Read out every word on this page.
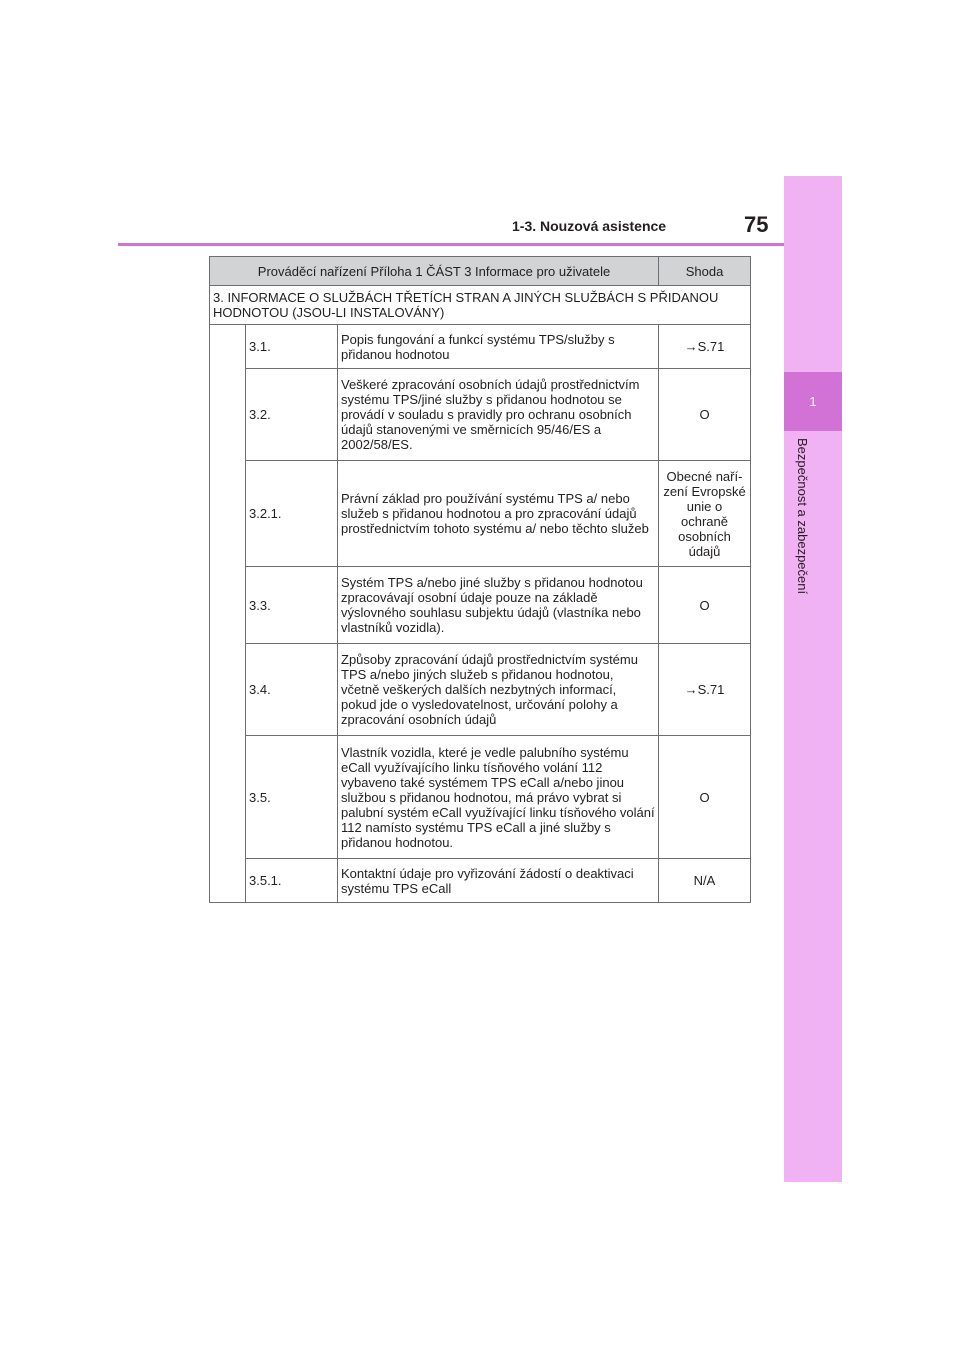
1
Bezpečnost a zabezpečení
1-3. Nouzová asistence	75
Prováděcí nařízení Příloha 1 ČÁST 3 Informace pro uživatele			Shoda
3. INFORMACE O SLUŽBÁCH TŘETÍCH STRAN A JINÝCH SLUŽBÁCH S PŘIDANOU HODNOTOU (JSOU-LI INSTALOVÁNY)			
	3.1.	Popis fungování a funkcí systému TPS/služby s přidanou hodnotou	→S.71
	3.2.	Veškeré zpracování osobních údajů prostřednictvím systému TPS/jiné služby s přidanou hodnotou se provádí v souladu s pravidly pro ochranu osobních údajů stanovenými ve směrnicích 95/46/ES a 2002/58/ES.	O
	3.2.1.	Právní základ pro používání systému TPS a/ nebo služeb s přidanou hodnotou a pro zpracování údajů prostřednictvím tohoto systému a/ nebo těchto služeb	Obecné nařízení Evropské unie o ochraně osobních údajů
	3.3.	Systém TPS a/nebo jiné služby s přidanou hodnotou zpracovávají osobní údaje pouze na základě výslovného souhlasu subjektu údajů (vlastníka nebo vlastníků vozidla).	O
	3.4.	Způsoby zpracování údajů prostřednictvím systému TPS a/nebo jiných služeb s přidanou hodnotou, včetně veškerých dalších nezbytných informací, pokud jde o vysledovatelnost, určování polohy a zpracování osobních údajů	→S.71
	3.5.	Vlastník vozidla, které je vedle palubního systému eCall využívajícího linku tísňového volání 112 vybaveno také systémem TPS eCall a/nebo jinou službou s přidanou hodnotou, má právo vybrat si palubní systém eCall využívající linku tísňového volání 112 namísto systému TPS eCall a jiné služby s přidanou hodnotou.	O
	3.5.1.	Kontaktní údaje pro vyřizování žádostí o deaktivaci systému TPS eCall	N/A
